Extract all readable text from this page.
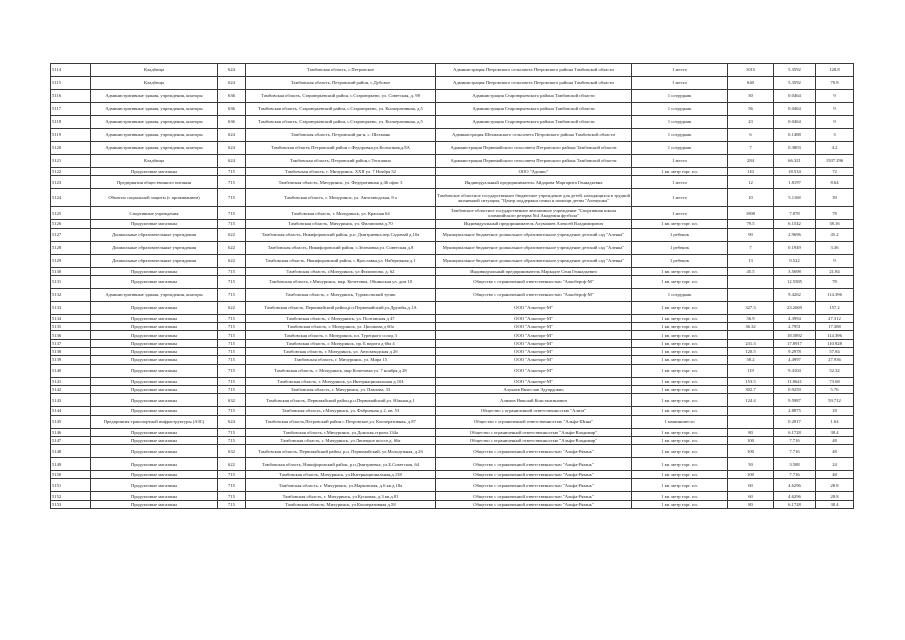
5114	Кладбища	624	Тамбовская область, с.Петровское	Администрация Петровского сельсовета Петровского района Тамбовской области	1 место	1015	5.3592	128.8
5115	Кладбища	624	Тамбовская область, Петровский район, с.Дубовое	Администрация Петровского сельсовета Петровского района Тамбовской области	1 место	640	5.3592	70.8
5116	Административные здания, учреждения, конторы	636	Тамбовская область, Староюрьевский район, с.Староюрьево, ул. Советская, д. 98	Администрация Староюрьевского района Тамбовской области	1 сотрудник	30	0.0464	9
5117	Административные здания, учреждения, конторы	636	Тамбовская область, Староюрьевский район, с.Староюрьево, ул. Кооперативная, д.5	Администрация Староюрьевского района Тамбовской области	1 сотрудник	56	0.0464	9
5118	Административные здания, учреждения, конторы	636	Тамбовская область, Староюрьевский район, с.Староюрьево, ул. Кооперативная, д.5	Администрация Староюрьевского района Тамбовской области	1 сотрудник	23	0.0464	9
5119	Административные здания, учреждения, конторы	624	Тамбовская область, Петровский рн-н, с. Шехмань	Администрация Шехманского сельсовета Петровского района Тамбовской области	1 сотрудник	6	0.1488	3
5120	Административные здания, учреждения, конторы	624	Тамбовская область Петровский район с.Федоровка,ул.Колхозная,д.8А	Администрация Первомайского сельсовета Петровского района Тамбовской области	1 сотрудник	7	0.3803	4.2
5121	Кладбища	624	Тамбовская область, Петровский район,с.Тепташно	Администрация Первомайского сельсовета Петровского района Тамбовской области	1 место	284	66.321	1507.296
5122	Продуктовые магазины	715	Тамбовская область, г. Мичуринск, ХХII ул. 7 Ноября 52	ООО "Адонис"	1 кв. метр торг. пл.	110	18.534	72
5123	Предприятия общественного питания	715	Тамбовская область, Мичуринск, ул. Федеративная д.46 офис 3	Индивидуальный предприниматель Айдарова Маргарита Геннадьевна	1 место	12	1.8197	8.64
5124	Объекты социальной защиты (с проживанием)	715	Тамбовская область, г. Мичуринск, ул. Автозаводская, 8 а	Тамбовское областное государственное бюджетное учреждение для детей, находящихся в трудной жизненной ситуации, "Центр поддержки семьи и помощи детям "Аленушка"	1 место	10	5.1168	39
5125	Спортивные учреждения	715	Тамбовская область, г. Мичуринск, ул. Красная 64	Тамбовское областное государственное автономное учреждение "Спортивная школа олимпийского резерва №4 Академия футбола"	1 место	1800	7.878	78
5126	Продуктовые магазины	715	Тамбовская область, Мичуринск, ул. Филиппова д.70	Индивидуальный предприниматель Алумашев Алексей Владимирович	1 кв. метр торг. пл.	79.5	6.1542	38.16
5127	Дошкольные образовательные учреждения	622	Тамбовская область, Никифоровский район, р.п. Дмитриевка,пер.Садовый д.10а	Муниципальное бюджетное дошкольное образовательное учреждение детский сад "Аленка"	1 ребенок	90	2.9696	45.2
5128	Дошкольные образовательные учреждения	622	Тамбовская область, Никифоровский район, с.Зеленовка,ул. Советская д.8	Муниципальное бюджетное дошкольное образовательное учреждение детский сад "Аленка"	1 ребенок	7	0.1949	3.36
5129	Дошкольные образовательные учреждения	622	Тамбовская область, Никифоровский район, с.Ярославка,ул. Набережная д.1	Муниципальное бюджетное дошкольное образовательное учреждение детский сад "Аленка"	1 ребенок	13	0.522	9
5130	Продуктовые магазины	715	Тамбовская область, г.Мичуринск, ул.Филиппова, д. 62	Индивидуальный предприниматель Маркадзе Сеня Геннадьевич	1 кв. метр торг. пл.	45.5	3.5698	21.84
5131	Продуктовые магазины	715	Тамбовская область, г.Мичуринск, мкр. Кочетовка, Обнинская ул. дом 10	Общество с ограниченной ответственностью "Алкоберсф-М"	1 кв. метр торг. пл.		12.5585	78
5132	Административные здания, учреждения, конторы	715	Тамбовская область, г. Мичуринск, Турмасовский тупик	Общество с ограниченной ответственностью "Алкоберсф-М"	1 сотрудник		9.4262	114.396
5133	Продуктовые магазины	622	Тамбовская область, Первомайский район,р.п.Первомайский,ул.Дружбы,д.1А	ООО "Алкоторг-М"	1 кв. метр торг. пл.	327.3	23.2669	157.2
5134	Продуктовые магазины	715	Тамбовская область, г. Мичуринск, ул. Полтавская д 47	ООО "Алкоторг-М"	1 кв. метр торг. пл.	56.9	4.3994	27.312
5135	Продуктовые магазины	715	Тамбовская область, г. Мичуринск, ул. Циолкова д 60а	ООО "Алкоторг-М"	1 кв. метр торг. пл.	36.32	2.7951	17.388
5136	Продуктовые магазины	715	Тамбовская область, г. Мичуринск, пл. Турецкого солод 3	ООО "Алкоторг-М"	1 кв. метр торг. пл.		18.5892	114.396
5137	Продуктовые магазины	715	Тамбовская область, г. Мичуринск, пр. Б ворота д 66а 4	ООО "Алкоторг-М"	1 кв. метр торг. пл.	231.3	17.8917	110.928
5138	Продуктовые магазины	715	Тамбовская область, г. Мичуринск, ул. Автозаводская д 2б	ООО "Алкоторг-М"	1 кв. метр торг. пл.	120.5	9.2978	57.84
5139	Продуктовые магазины	715	Тамбовская область, г. Мичуринск, ул. Мира 15	ООО "Алкоторг-М"	1 кв. метр торг. пл.	58.2	4.4997	27.936
5140	Продуктовые магазины	715	Тамбовская область, г. Мичуринск, мкр Кочетовка ул. 7 ноября д 28	ООО "Алкоторг-М"	1 кв. метр торг. пл.	119	9.4104	52.32
5141	Продуктовые магазины	715	Тамбовская область, г. Мичуринск, ул.Интернациональная д.104	ООО "Алкоторг-М"	1 кв. метр торг. пл.	153.5	11.8641	73.68
5142	Продуктовые магазины	715	Тамбовская область, г. Мичуринск, ул. Павлова, 33	Алукаев Вячеслав Эдуардович	1 кв. метр торг. пл.	302.7	0.9259	5.76
5143	Продуктовые магазины	632	Тамбовская область, Первомайский район,р.п.Первомайский,ул. Южная,д.1	Алимов Николай Константинович	1 кв. метр торг. пл.	124.4	9.5987	59.712
5144	Продуктовые магазины	715	Тамбовская область, г.Мичуринск, ул. Фабричная д 2, кв. 53	Общество с ограниченной ответственностью "Алита"	1 кв. метр торг. пл.		2.8875	18
5145	Предприятия транспортной инфраструктуры (АЗС)	624	Тамбовская область,Петровский район с.Петровское,ул. Кооперативная, д.87	Общество с ограниченной ответственностью "Альфа-Шина"	1 машиноместо		0.2817	1.64
5146	Продуктовые магазины	715	Тамбовская область, г.Мичуринск, ул.Донская,строен.134а	Общество с ограниченной ответственностью "Альфа-Владимир"	1 кв. метр торг. пл.	80	6.1728	38.4
5147	Продуктовые магазины	715	Тамбовская область, г. Мичуринск, ул.Липецкое шоссе,д. 66а	Общество с ограниченной ответственностью "Альфа-Владимир"	1 кв. метр торг. пл.	100	7.716	48
5148	Продуктовые магазины	632	Тамбовская область, Первомайский район, р.п. Первомайский, ул.Молодежная, д.2б	Общество с ограниченной ответственностью "Альфа-Рязань"	1 кв. метр торг. пл.	100	7.716	48
5149	Продуктовые магазины	622	Тамбовская область, Никифоровский район, р.п.Дмитриевка, ул.Б.Советская, 64	Общество с ограниченной ответственностью "Альфа-Рязань"	1 кв. метр торг. пл.	50	3.588	24
5150	Продуктовые магазины	715	Тамбовская область, Мичуринск, ул.Интернациональная,д.138	Общество с ограниченной ответственностью "Альфа-Рязань"	1 кв. метр торг. пл.	100	7.716	48
5151	Продуктовые магазины	715	Тамбовская область, г. Мичуринск, ул.Марковская, д.6 кв.д.18а	Общество с ограниченной ответственностью "Альфа-Рязань"	1 кв. метр торг. пл.	60	4.6296	28.8
5152	Продуктовые магазины	715	Тамбовская область, г. Мичуринск, ул.Кусковая, д.3 кв.д.81	Общество с ограниченной ответственностью "Альфа-Рязань"	1 кв. метр торг. пл.	60	4.6296	28.8
5153	Продуктовые магазины	715	Тамбовская область, Мичуринск, ул.Кооперативная д.58	Общество с ограниченной ответственностью "Альфа-Рязань"	1 кв. метр торг. пл.	80	6.1728	38.4
